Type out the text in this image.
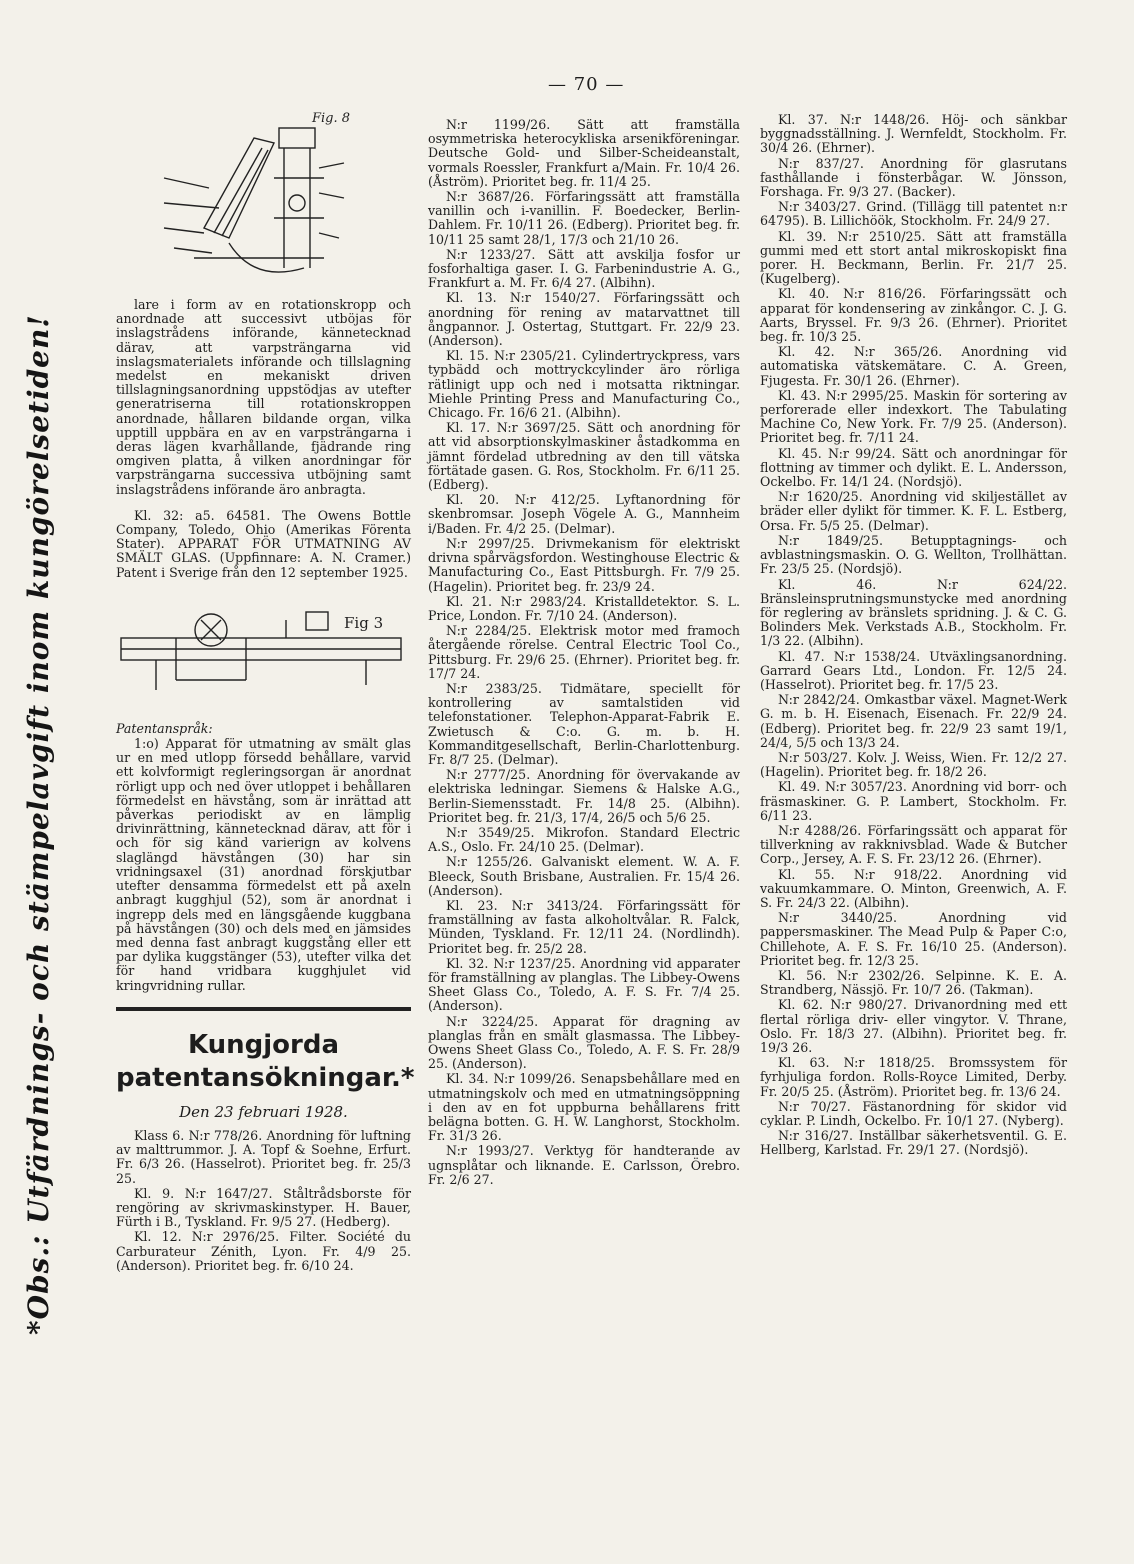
— 70 —
*Obs.: Utfärdnings- och stämpelavgift inom kungörelsetiden!
Fig. 8

lare i form av en rotationskropp och anordnade att successivt utböjas för inslagstrådens införande, kännetecknad därav, att varpsträngarna vid inslagsmaterialets införande och tillslagning medelst en mekaniskt driven tillslagningsanordning uppstödjas av utefter generatriserna till rotationskroppen anordnade, hållaren bildande organ, vilka upptill uppbära en av en varpsträngarna i deras lägen kvarhållande, fjädrande ring omgiven platta, å vilken anordningar för varpsträngarna successiva utböjning samt inslagstrådens införande äro anbragta.

Kl. 32: a5. 64581. The Owens Bottle Company, Toledo, Ohio (Amerikas Förenta Stater). APPARAT FÖR UTMATNING AV SMÄLT GLAS. (Uppfinnare: A. N. Cramer.) Patent i Sverige från den 12 september 1925.

Fig 3

Patentanspråk:

1:o) Apparat för utmatning av smält glas ur en med utlopp försedd behållare, varvid ett kolvformigt regleringsorgan är anordnat rörligt upp och ned över utloppet i behållaren förmedelst en hävstång, som är inrättad att påverkas periodiskt av en lämplig drivinrättning, kännetecknad därav, att för i och för sig känd varierign av kolvens slaglängd hävstången (30) har sin vridningsaxel (31) anordnad förskjutbar utefter densamma förmedelst ett på axeln anbragt kugghjul (52), som är anordnat i ingrepp dels med en längsgående kuggbana på hävstången (30) och dels med en jämsides med denna fast anbragt kuggstång eller ett par dylika kuggstänger (53), utefter vilka det för hand vridbara kugghjulet vid kringvridning rullar.

Kungjorda patentansökningar.*
Den 23 februari 1928.

Klass 6. N:r 778/26. Anordning för luftning av malttrummor. J. A. Topf & Soehne, Erfurt. Fr. 6/3 26. (Hasselrot). Prioritet beg. fr. 25/3 25.

Kl. 9. N:r 1647/27. Ståltrådsborste för rengöring av skrivmaskinstyper. H. Bauer, Fürth i B., Tyskland. Fr. 9/5 27. (Hedberg).

Kl. 12. N:r 2976/25. Filter. Société du Carburateur Zénith, Lyon. Fr. 4/9 25. (Anderson). Prioritet beg. fr. 6/10 24.

N:r 1199/26. Sätt att framställa osymmetriska heterocykliska arsenikföreningar. Deutsche Gold- und Silber-Scheideanstalt, vormals Roessler, Frankfurt a/Main. Fr. 10/4 26. (Åström). Prioritet beg. fr. 11/4 25.

N:r 3687/26. Förfaringssätt att framställa vanillin och i-vanillin. F. Boedecker, Berlin-Dahlem. Fr. 10/11 26. (Edberg). Prioritet beg. fr. 10/11 25 samt 28/1, 17/3 och 21/10 26.

N:r 1233/27. Sätt att avskilja fosfor ur fosforhaltiga gaser. I. G. Farbenindustrie A. G., Frankfurt a. M. Fr. 6/4 27. (Albihn).

Kl. 13. N:r 1540/27. Förfaringssätt och anordning för rening av matarvattnet till ångpannor. J. Ostertag, Stuttgart. Fr. 22/9 23. (Anderson).

Kl. 15. N:r 2305/21. Cylindertryckpress, vars typbädd och mottryckcylinder äro rörliga rätlinigt upp och ned i motsatta riktningar. Miehle Printing Press and Manufacturing Co., Chicago. Fr. 16/6 21. (Albihn).

Kl. 17. N:r 3697/25. Sätt och anordning för att vid absorptionskylmaskiner åstadkomma en jämnt fördelad utbredning av den till vätska förtätade gasen. G. Ros, Stockholm. Fr. 6/11 25. (Edberg).

Kl. 20. N:r 412/25. Lyftanordning för skenbromsar. Joseph Vögele A. G., Mannheim i/Baden. Fr. 4/2 25. (Delmar).

N:r 2997/25. Drivmekanism för elektriskt drivna spårvägsfordon. Westinghouse Electric & Manufacturing Co., East Pittsburgh. Fr. 7/9 25. (Hagelin). Prioritet beg. fr. 23/9 24.

Kl. 21. N:r 2983/24. Kristalldetektor. S. L. Price, London. Fr. 7/10 24. (Anderson).

N:r 2284/25. Elektrisk motor med framoch återgående rörelse. Central Electric Tool Co., Pittsburg. Fr. 29/6 25. (Ehrner). Prioritet beg. fr. 17/7 24.

N:r 2383/25. Tidmätare, speciellt för kontrollering av samtalstiden vid telefonstationer. Telephon-Apparat-Fabrik E. Zwietusch & C:o. G. m. b. H. Kommanditgesellschaft, Berlin-Charlottenburg. Fr. 8/7 25. (Delmar).

N:r 2777/25. Anordning för övervakande av elektriska ledningar. Siemens & Halske A.G., Berlin-Siemensstadt. Fr. 14/8 25. (Albihn). Prioritet beg. fr. 21/3, 17/4, 26/5 och 5/6 25.

N:r 3549/25. Mikrofon. Standard Electric A.S., Oslo. Fr. 24/10 25. (Delmar).

N:r 1255/26. Galvaniskt element. W. A. F. Bleeck, South Brisbane, Australien. Fr. 15/4 26. (Anderson).

Kl. 23. N:r 3413/24. Förfaringssätt för framställning av fasta alkoholtvålar. R. Falck, Münden, Tyskland. Fr. 12/11 24. (Nordlindh). Prioritet beg. fr. 25/2 28.

Kl. 32. N:r 1237/25. Anordning vid apparater för framställning av planglas. The Libbey-Owens Sheet Glass Co., Toledo, A. F. S. Fr. 7/4 25. (Anderson).

N:r 3224/25. Apparat för dragning av planglas från en smält glasmassa. The Libbey-Owens Sheet Glass Co., Toledo, A. F. S. Fr. 28/9 25. (Anderson).

Kl. 34. N:r 1099/26. Senapsbehållare med en utmatningskolv och med en utmatningsöppning i den av en fot uppburna behållarens fritt belägna botten. G. H. W. Langhorst, Stockholm. Fr. 31/3 26.

N:r 1993/27. Verktyg för handterande av ugnsplåtar och liknande. E. Carlsson, Örebro. Fr. 2/6 27.

Kl. 37. N:r 1448/26. Höj- och sänkbar byggnadsställning. J. Wernfeldt, Stockholm. Fr. 30/4 26. (Ehrner).

N:r 837/27. Anordning för glasrutans fasthållande i fönsterbågar. W. Jönsson, Forshaga. Fr. 9/3 27. (Backer).

N:r 3403/27. Grind. (Tillägg till patentet n:r 64795). B. Lillichöök, Stockholm. Fr. 24/9 27.

Kl. 39. N:r 2510/25. Sätt att framställa gummi med ett stort antal mikroskopiskt fina porer. H. Beckmann, Berlin. Fr. 21/7 25. (Kugelberg).

Kl. 40. N:r 816/26. Förfaringssätt och apparat för kondensering av zinkångor. C. J. G. Aarts, Bryssel. Fr. 9/3 26. (Ehrner). Prioritet beg. fr. 10/3 25.

Kl. 42. N:r 365/26. Anordning vid automatiska vätskemätare. C. A. Green, Fjugesta. Fr. 30/1 26. (Ehrner).

Kl. 43. N:r 2995/25. Maskin för sortering av perforerade eller indexkort. The Tabulating Machine Co, New York. Fr. 7/9 25. (Anderson). Prioritet beg. fr. 7/11 24.

Kl. 45. N:r 99/24. Sätt och anordningar för flottning av timmer och dylikt. E. L. Andersson, Ockelbo. Fr. 14/1 24. (Nordsjö).

N:r 1620/25. Anordning vid skiljestället av bräder eller dylikt för timmer. K. F. L. Estberg, Orsa. Fr. 5/5 25. (Delmar).

N:r 1849/25. Betupptagnings- och avblastningsmaskin. O. G. Wellton, Trollhättan. Fr. 23/5 25. (Nordsjö).

Kl. 46. N:r 624/22. Bränsleinsprutningsmunstycke med anordning för reglering av bränslets spridning. J. & C. G. Bolinders Mek. Verkstads A.B., Stockholm. Fr. 1/3 22. (Albihn).

Kl. 47. N:r 1538/24. Utväxlingsanordning. Garrard Gears Ltd., London. Fr. 12/5 24. (Hasselrot). Prioritet beg. fr. 17/5 23.

N:r 2842/24. Omkastbar växel. Magnet-Werk G. m. b. H. Eisenach, Eisenach. Fr. 22/9 24. (Edberg). Prioritet beg. fr. 22/9 23 samt 19/1, 24/4, 5/5 och 13/3 24.

N:r 503/27. Kolv. J. Weiss, Wien. Fr. 12/2 27. (Hagelin). Prioritet beg. fr. 18/2 26.

Kl. 49. N:r 3057/23. Anordning vid borr- och fräsmaskiner. G. P. Lambert, Stockholm. Fr. 6/11 23.

N:r 4288/26. Förfaringssätt och apparat för tillverkning av rakknivsblad. Wade & Butcher Corp., Jersey, A. F. S. Fr. 23/12 26. (Ehrner).

Kl. 55. N:r 918/22. Anordning vid vakuumkammare. O. Minton, Greenwich, A. F. S. Fr. 24/3 22. (Albihn).

N:r 3440/25. Anordning vid pappersmaskiner. The Mead Pulp & Paper C:o, Chillehote, A. F. S. Fr. 16/10 25. (Anderson). Prioritet beg. fr. 12/3 25.

Kl. 56. N:r 2302/26. Selpinne. K. E. A. Strandberg, Nässjö. Fr. 10/7 26. (Takman).

Kl. 62. N:r 980/27. Drivanordning med ett flertal rörliga driv- eller vingytor. V. Thrane, Oslo. Fr. 18/3 27. (Albihn). Prioritet beg. fr. 19/3 26.

Kl. 63. N:r 1818/25. Bromssystem för fyrhjuliga fordon. Rolls-Royce Limited, Derby. Fr. 20/5 25. (Åström). Prioritet beg. fr. 13/6 24.

N:r 70/27. Fästanordning för skidor vid cyklar. P. Lindh, Ockelbo. Fr. 10/1 27. (Nyberg).

N:r 316/27. Inställbar säkerhetsventil. G. E. Hellberg, Karlstad. Fr. 29/1 27. (Nordsjö).
